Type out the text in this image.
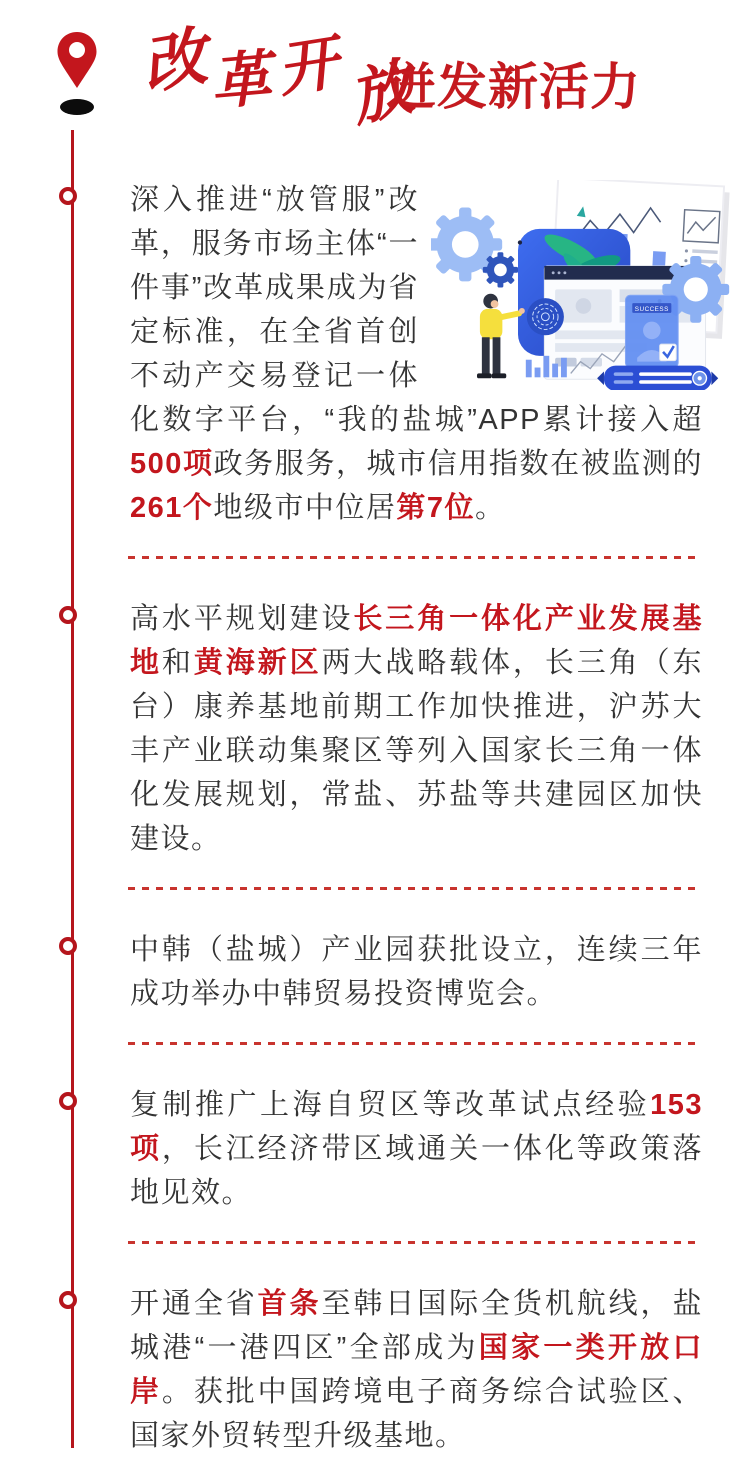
改革开放
迸发新活力
SUCCESS
深入推进“放管服”改革，服务市场主体“一件事”改革成果成为省定标准，在全省首创不动产交易登记一体化数字平台，“我的盐城”APP累计接入超500项政务服务，城市信用指数在被监测的261个地级市中位居第7位。
高水平规划建设长三角一体化产业发展基地和黄海新区两大战略载体，长三角（东台）康养基地前期工作加快推进，沪苏大丰产业联动集聚区等列入国家长三角一体化发展规划，常盐、苏盐等共建园区加快建设。
中韩（盐城）产业园获批设立，连续三年成功举办中韩贸易投资博览会。
复制推广上海自贸区等改革试点经验153项，长江经济带区域通关一体化等政策落地见效。
开通全省首条至韩日国际全货机航线，盐城港“一港四区”全部成为国家一类开放口岸。获批中国跨境电子商务综合试验区、国家外贸转型升级基地。
